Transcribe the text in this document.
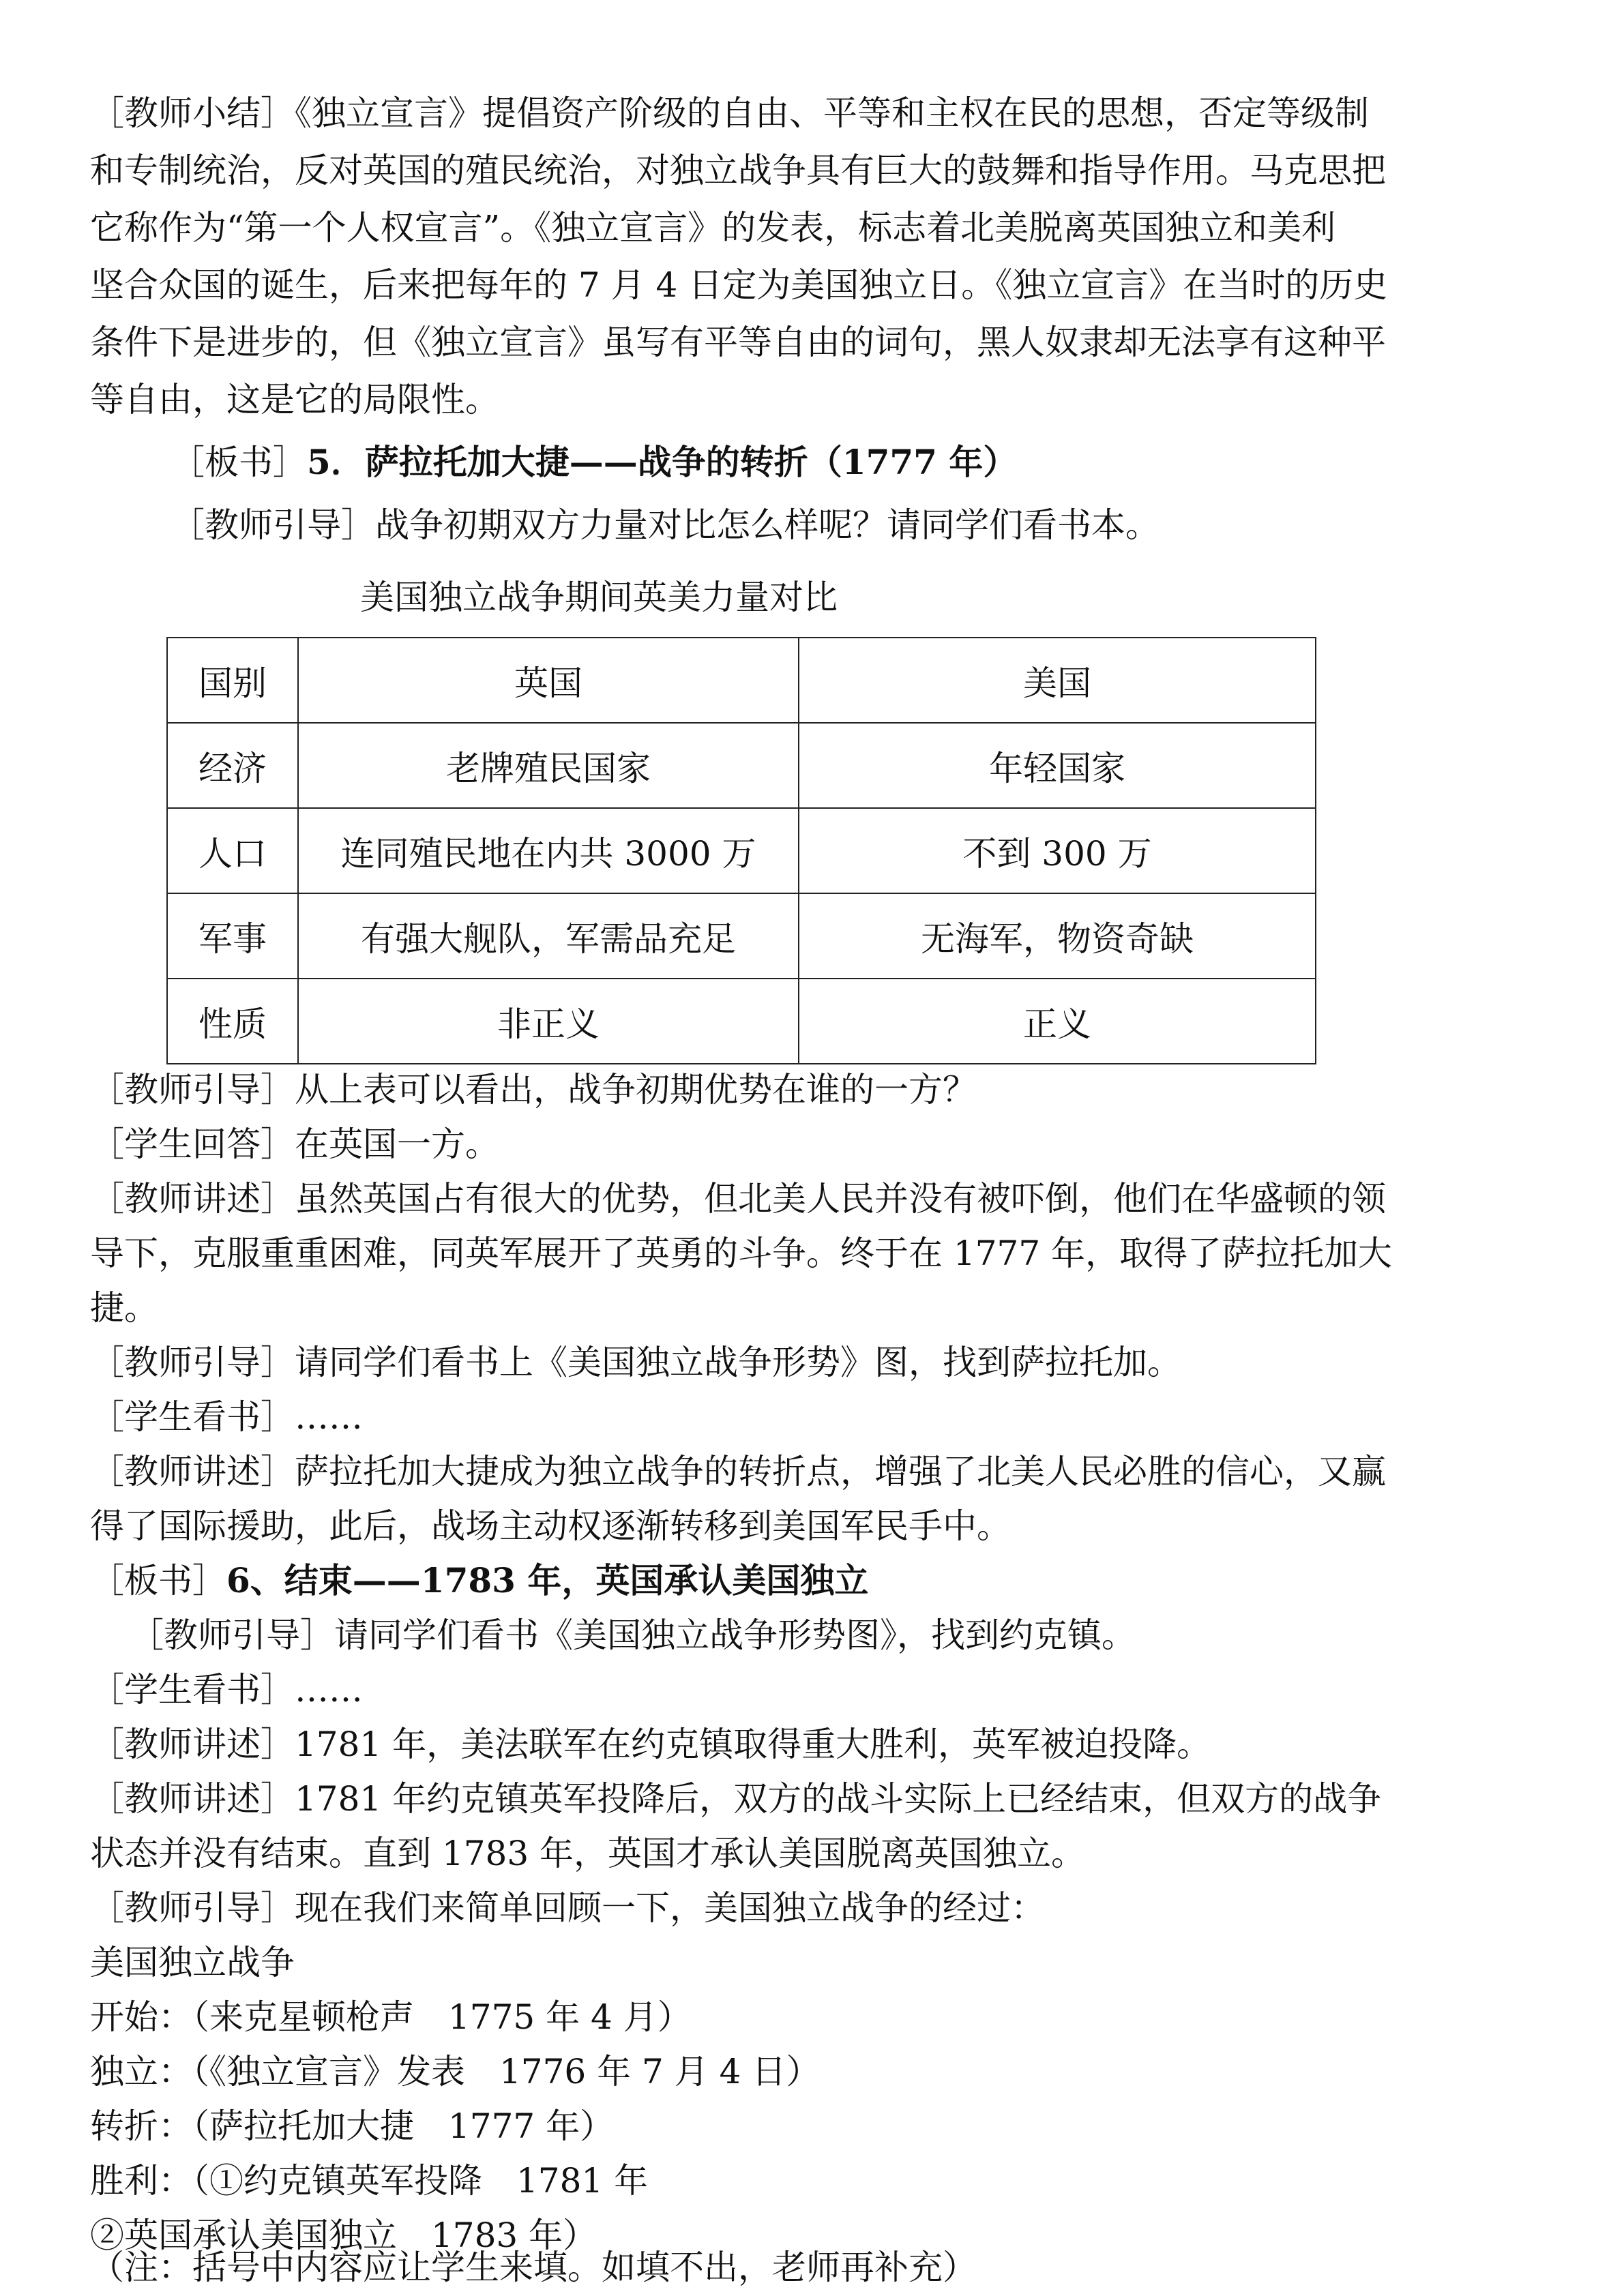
［教师小结］《独立宣言》提倡资产阶级的自由、平等和主权在民的思想，否定等级制
和专制统治，反对英国的殖民统治，对独立战争具有巨大的鼓舞和指导作用。马克思把
它称作为“第一个人权宣言”。《独立宣言》的发表，标志着北美脱离英国独立和美利
坚合众国的诞生，后来把每年的 7 月 4 日定为美国独立日。《独立宣言》在当时的历史
条件下是进步的，但《独立宣言》虽写有平等自由的词句，黑人奴隶却无法享有这种平
等自由，这是它的局限性。
［板书］5．萨拉托加大捷——战争的转折（1777 年）
［教师引导］战争初期双方力量对比怎么样呢？请同学们看书本。
美国独立战争期间英美力量对比
国别	英国	美国
经济	老牌殖民国家	年轻国家
人口	连同殖民地在内共 3000 万	不到 300 万
军事	有强大舰队，军需品充足	无海军，物资奇缺
性质	非正义	正义
［教师引导］从上表可以看出，战争初期优势在谁的一方？
［学生回答］在英国一方。
［教师讲述］虽然英国占有很大的优势，但北美人民并没有被吓倒，他们在华盛顿的领
导下，克服重重困难，同英军展开了英勇的斗争。终于在 1777 年，取得了萨拉托加大
捷。
［教师引导］请同学们看书上《美国独立战争形势》图，找到萨拉托加。
［学生看书］……
［教师讲述］萨拉托加大捷成为独立战争的转折点，增强了北美人民必胜的信心，又赢
得了国际援助，此后，战场主动权逐渐转移到美国军民手中。
［板书］6、结束——1783 年，英国承认美国独立
［教师引导］请同学们看书《美国独立战争形势图》，找到约克镇。
［学生看书］……
［教师讲述］1781 年，美法联军在约克镇取得重大胜利，英军被迫投降。
［教师讲述］1781 年约克镇英军投降后，双方的战斗实际上已经结束，但双方的战争
状态并没有结束。直到 1783 年，英国才承认美国脱离英国独立。
［教师引导］现在我们来简单回顾一下，美国独立战争的经过：
美国独立战争
开始：（来克星顿枪声　1775 年 4 月）
独立：（《独立宣言》发表　1776 年 7 月 4 日）
转折：（萨拉托加大捷　1777 年）
胜利：（①约克镇英军投降　1781 年
②英国承认美国独立　1783 年）
（注：括号中内容应让学生来填。如填不出，老师再补充）
